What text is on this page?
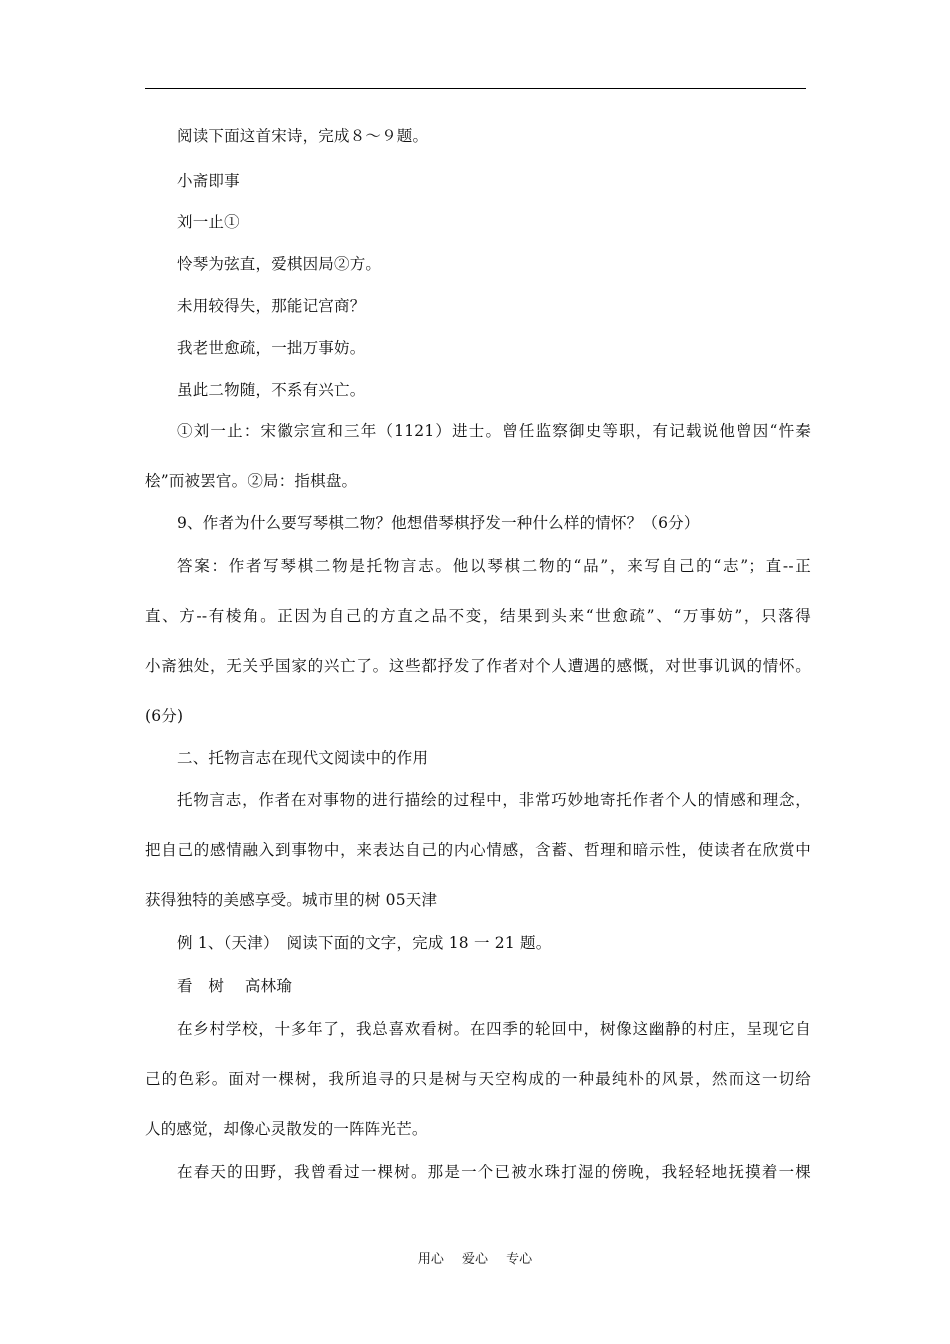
阅读下面这首宋诗，完成８～９题。
小斋即事
刘一止①
怜琴为弦直，爱棋因局②方。
未用较得失，那能记宫商？
我老世愈疏，一拙万事妨。
虽此二物随，不系有兴亡。
①刘一止：宋徽宗宣和三年（1121）进士。曾任监察御史等职，有记载说他曾因“忤秦
桧”而被罢官。②局：指棋盘。
9、作者为什么要写琴棋二物？他想借琴棋抒发一种什么样的情怀？（6分）
答案：作者写琴棋二物是托物言志。他以琴棋二物的“品”，来写自己的“志”；直--正
直、方--有棱角。正因为自己的方直之品不变，结果到头来“世愈疏”、“万事妨”，只落得
小斋独处，无关乎国家的兴亡了。这些都抒发了作者对个人遭遇的感慨，对世事讥讽的情怀。
(6分)
二、托物言志在现代文阅读中的作用
托物言志，作者在对事物的进行描绘的过程中，非常巧妙地寄托作者个人的情感和理念，
把自己的感情融入到事物中，来表达自己的内心情感，含蓄、哲理和暗示性，使读者在欣赏中
获得独特的美感享受。城市里的树 05天津
例 1、（天津）　阅读下面的文字，完成 18 一 21 题。
看　树　 高林瑜
在乡村学校，十多年了，我总喜欢看树。在四季的轮回中，树像这幽静的村庄，呈现它自
己的色彩。面对一棵树，我所追寻的只是树与天空构成的一种最纯朴的风景，然而这一切给
人的感觉，却像心灵散发的一阵阵光芒。
在春天的田野，我曾看过一棵树。那是一个已被水珠打湿的傍晚，我轻轻地抚摸着一棵
用心 爱心 专心
